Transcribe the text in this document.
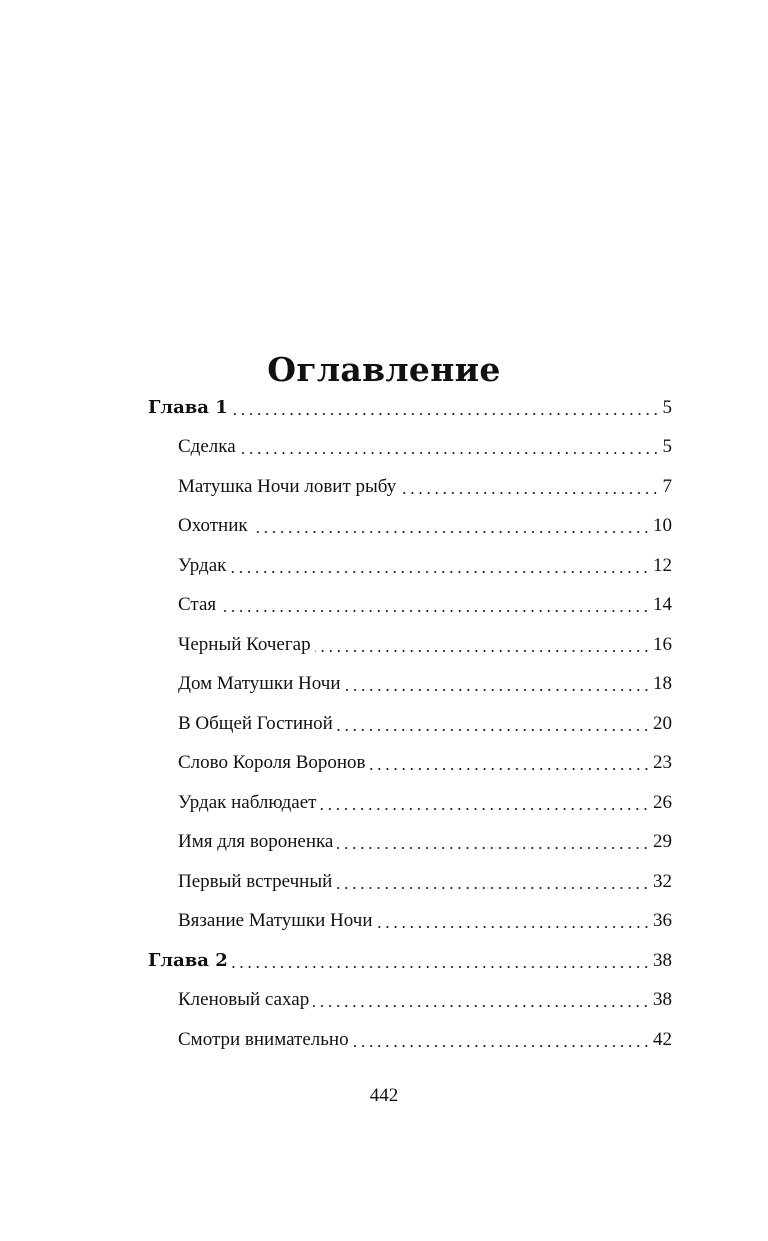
Оглавление
Глава 1	5
Сделка	5
Матушка Ночи ловит рыбу	7
Охотник	10
Урдак	12
Стая	14
Черный Кочегар	16
Дом Матушки Ночи	18
В Общей Гостиной	20
Слово Короля Воронов	23
Урдак наблюдает	26
Имя для вороненка	29
Первый встречный	32
Вязание Матушки Ночи	36
Глава 2	38
Кленовый сахар	38
Смотри внимательно	42
442
